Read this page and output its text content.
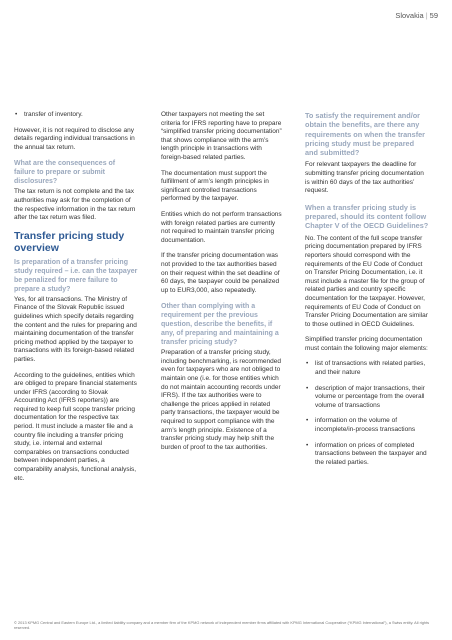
Slovakia | 59
• transfer of inventory.

However, it is not required to disclose any details regarding individual transactions in the annual tax return.

What are the consequences of failure to prepare or submit disclosures?

The tax return is not complete and the tax authorities may ask for the completion of the respective information in the tax return after the tax return was filed.

Transfer pricing study overview

Is preparation of a transfer pricing study required – i.e. can the taxpayer be penalized for mere failure to prepare a study?

Yes, for all transactions. The Ministry of Finance of the Slovak Republic issued guidelines which specify details regarding the content and the rules for preparing and maintaining documentation of the transfer pricing method applied by the taxpayer to transactions with its foreign-based related parties.

According to the guidelines, entities which are obliged to prepare financial statements under IFRS (according to Slovak Accounting Act (IFRS reporters)) are required to keep full scope transfer pricing documentation for the respective tax period. It must include a master file and a country file including a transfer pricing study, i.e. internal and external comparables on transactions conducted between independent parties, a comparability analysis, functional analysis, etc.

Other taxpayers not meeting the set criteria for IFRS reporting have to prepare “simplified transfer pricing documentation” that shows compliance with the arm’s length principle in transactions with foreign-based related parties.

The documentation must support the fulfillment of arm’s length principles in significant controlled transactions performed by the taxpayer.

Entities which do not perform transactions with foreign related parties are currently not required to maintain transfer pricing documentation.

If the transfer pricing documentation was not provided to the tax authorities based on their request within the set deadline of 60 days, the taxpayer could be penalized up to EUR3,000, also repeatedly.

Other than complying with a requirement per the previous question, describe the benefits, if any, of preparing and maintaining a transfer pricing study?

Preparation of a transfer pricing study, including benchmarking, is recommended even for taxpayers who are not obliged to maintain one (i.e. for those entities which do not maintain accounting records under IFRS). If the tax authorities were to challenge the prices applied in related party transactions, the taxpayer would be required to support compliance with the arm’s length principle. Existence of a transfer pricing study may help shift the burden of proof to the tax authorities.

To satisfy the requirement and/or obtain the benefits, are there any requirements on when the transfer pricing study must be prepared and submitted?

For relevant taxpayers the deadline for submitting transfer pricing documentation is within 60 days of the tax authorities’ request.

When a transfer pricing study is prepared, should its content follow Chapter V of the OECD Guidelines?

No. The content of the full scope transfer pricing documentation prepared by IFRS reporters should correspond with the requirements of the EU Code of Conduct on Transfer Pricing Documentation, i.e. it must include a master file for the group of related parties and country specific documentation for the taxpayer. However, requirements of EU Code of Conduct on Transfer Pricing Documentation are similar to those outlined in OECD Guidelines.

Simplified transfer pricing documentation must contain the following major elements:

• list of transactions with related parties, and their nature
• description of major transactions, their volume or percentage from the overall volume of transactions
• information on the volume of incomplete/in-process transactions
• information on prices of completed transactions between the taxpayer and the related parties.
© 2013 KPMG Central and Eastern Europe Ltd., a limited liability company and a member firm of the KPMG network of independent member firms affiliated with KPMG International Cooperative (“KPMG International”), a Swiss entity. All rights reserved.
